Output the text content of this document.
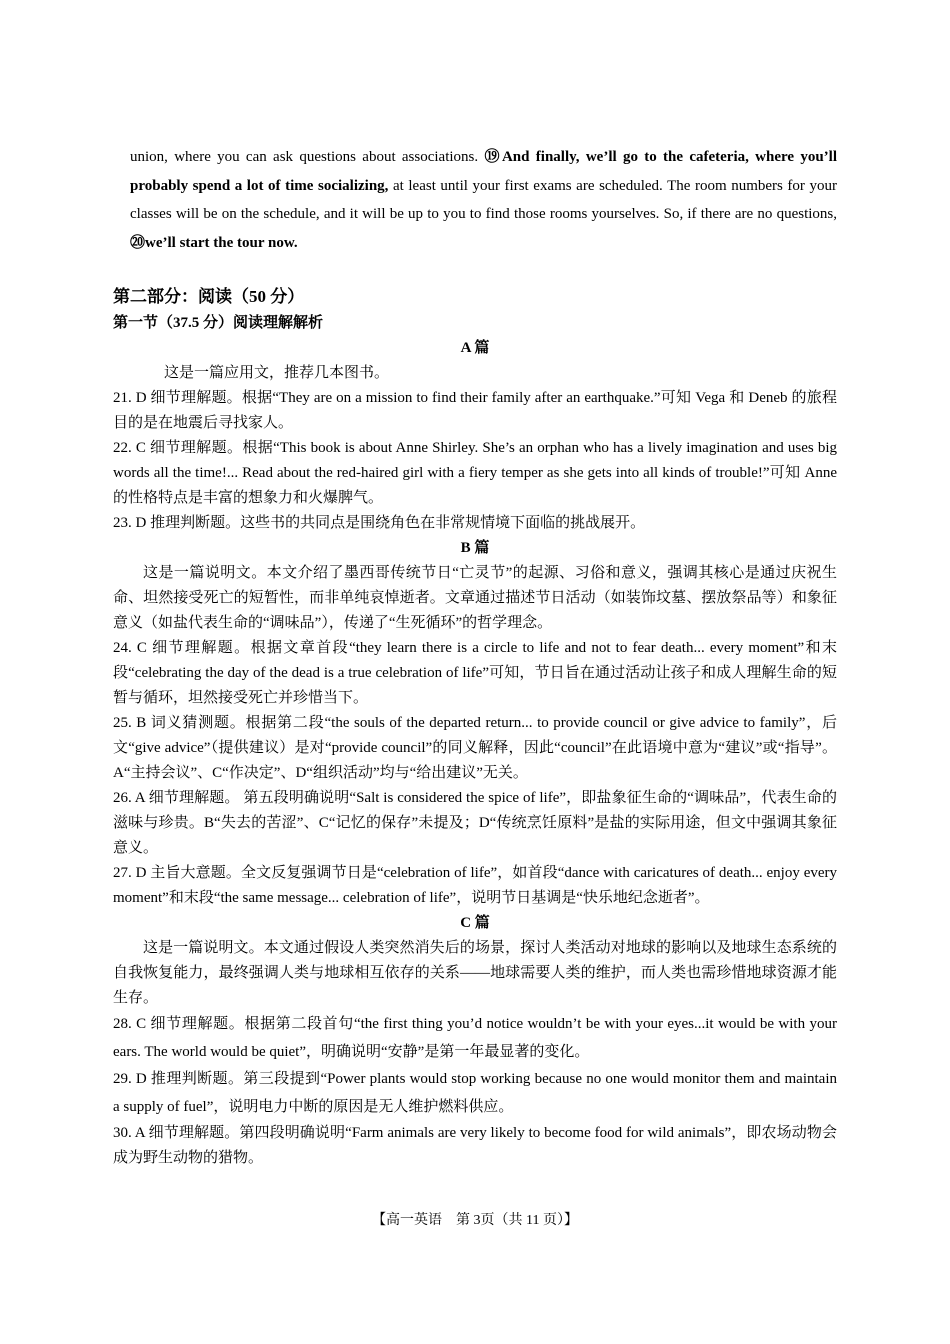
union, where you can ask questions about associations. ⑲And finally, we’ll go to the cafeteria, where you’ll probably spend a lot of time socializing, at least until your first exams are scheduled. The room numbers for your classes will be on the schedule, and it will be up to you to find those rooms yourselves. So, if there are no questions, ⑳we’ll start the tour now.
第二部分：阅读（50 分）
第一节（37.5 分）阅读理解解析
A 篇
这是一篇应用文，推荐几本图书。
21. D 细节理解题。根据“They are on a mission to find their family after an earthquake.”可知 Vega 和 Deneb 的旅程目的是在地震后寻找家人。
22. C 细节理解题。根据“This book is about Anne Shirley. She’s an orphan who has a lively imagination and uses big words all the time!... Read about the red-haired girl with a fiery temper as she gets into all kinds of trouble!”可知 Anne 的性格特点是丰富的想象力和火爆脾气。
23. D 推理判断题。这些书的共同点是围绕角色在非常规情境下面临的挑战展开。
B 篇
这是一篇说明文。本文介绍了墨西哥传统节日“亡灵节”的起源、习俗和意义，强调其核心是通过庆祝生命、坦然接受死亡的短暂性，而非单纯哀悼逝者。文章通过描述节日活动（如装饰坟墓、摆放祭品等）和象征意义（如盐代表生命的“调味品”），传递了“生死循环”的哲学理念。
24. C 细节理解题。根据文章首段“they learn there is a circle to life and not to fear death... every moment”和末段“celebrating the day of the dead is a true celebration of life”可知，节日旨在通过活动让孩子和成人理解生命的短暂与循环，坦然接受死亡并珍惜当下。
25. B 词义猜测题。根据第二段“the souls of the departed return... to provide council or give advice to family”，后文“give advice”（提供建议）是对“provide council”的同义解释，因此“council”在此语境中意为“建议”或“指导”。A“主持会议”、C“作决定”、D“组织活动”均与“给出建议”无关。
26. A 细节理解题。 第五段明确说明“Salt is considered the spice of life”，即盐象征生命的“调味品”，代表生命的滋味与珍贵。B“失去的苦涩”、C“记忆的保存”未提及；D“传统烹饪原料”是盐的实际用途，但文中强调其象征意义。
27. D 主旨大意题。全文反复强调节日是“celebration of life”，如首段“dance with caricatures of death... enjoy every moment”和末段“the same message... celebration of life”，说明节日基调是“快乐地纪念逝者”。
C 篇
这是一篇说明文。本文通过假设人类突然消失后的场景，探讨人类活动对地球的影响以及地球生态系统的自我恢复能力，最终强调人类与地球相互依存的关系——地球需要人类的维护，而人类也需珍惜地球资源才能生存。
28. C 细节理解题。根据第二段首句“the first thing you’d notice wouldn’t be with your eyes...it would be with your ears. The world would be quiet”，明确说明“安静”是第一年最显著的变化。
29. D 推理判断题。第三段提到“Power plants would stop working because no one would monitor them and maintain a supply of fuel”，说明电力中断的原因是无人维护燃料供应。
30. A 细节理解题。第四段明确说明“Farm animals are very likely to become food for wild animals”，即农场动物会成为野生动物的猎物。
【高一英语　第 3页（共 11 页）】
